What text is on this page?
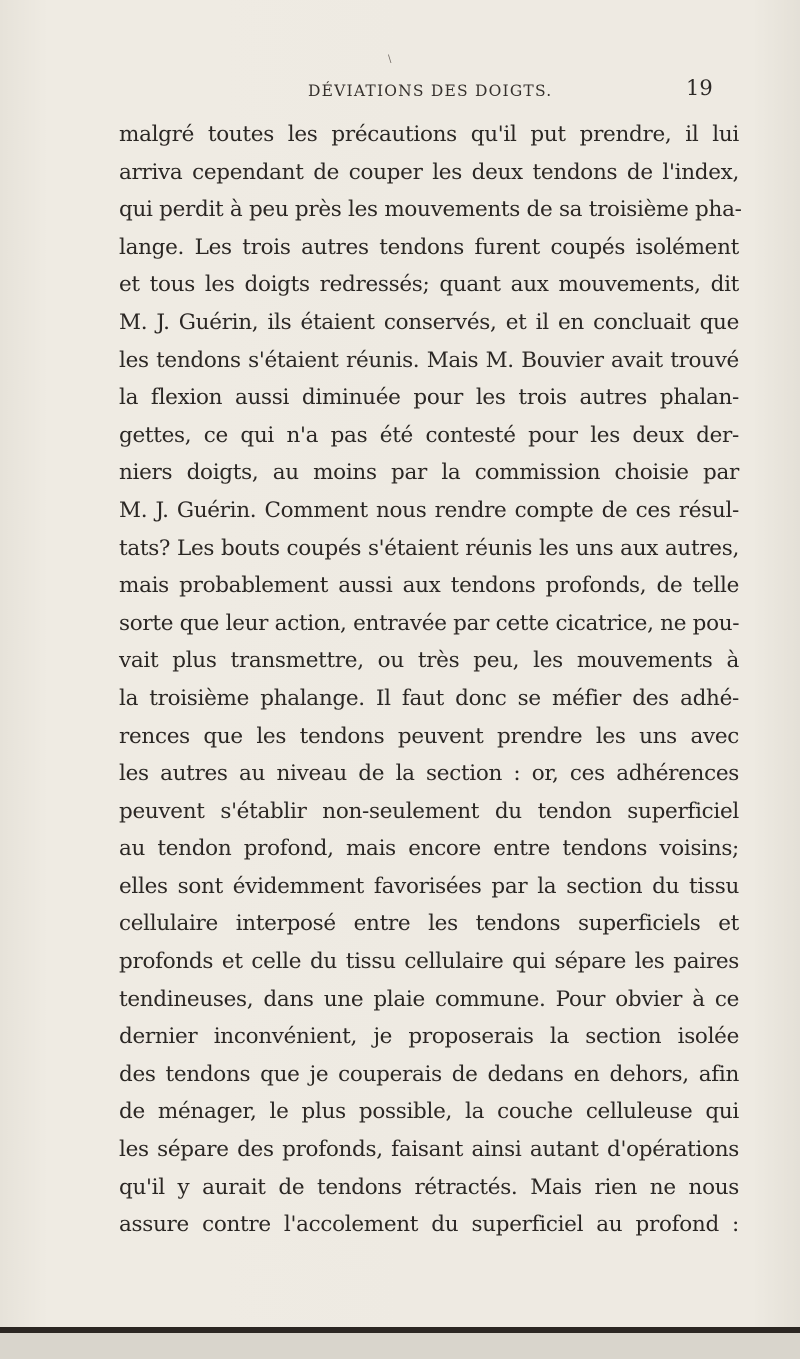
\
DÉVIATIONS DES DOIGTS.	19
malgré toutes les précautions qu'il put prendre, il lui
arriva cependant de couper les deux tendons de l'index,
qui perdit à peu près les mouvements de sa troisième pha-
lange. Les trois autres tendons furent coupés isolément
et tous les doigts redressés; quant aux mouvements, dit
M. J. Guérin, ils étaient conservés, et il en concluait que
les tendons s'étaient réunis. Mais M. Bouvier avait trouvé
la flexion aussi diminuée pour les trois autres phalan-
gettes, ce qui n'a pas été contesté pour les deux der-
niers doigts, au moins par la commission choisie par
M. J. Guérin. Comment nous rendre compte de ces résul-
tats? Les bouts coupés s'étaient réunis les uns aux autres,
mais probablement aussi aux tendons profonds, de telle
sorte que leur action, entravée par cette cicatrice, ne pou-
vait plus transmettre, ou très peu, les mouvements à
la troisième phalange. Il faut donc se méfier des adhé-
rences que les tendons peuvent prendre les uns avec
les autres au niveau de la section : or, ces adhérences
peuvent s'établir non-seulement du tendon superficiel
au tendon profond, mais encore entre tendons voisins;
elles sont évidemment favorisées par la section du tissu
cellulaire interposé entre les tendons superficiels et
profonds et celle du tissu cellulaire qui sépare les paires
tendineuses, dans une plaie commune. Pour obvier à ce
dernier inconvénient, je proposerais la section isolée
des tendons que je couperais de dedans en dehors, afin
de ménager, le plus possible, la couche celluleuse qui
les sépare des profonds, faisant ainsi autant d'opérations
qu'il y aurait de tendons rétractés. Mais rien ne nous
assure contre l'accolement du superficiel au profond :
